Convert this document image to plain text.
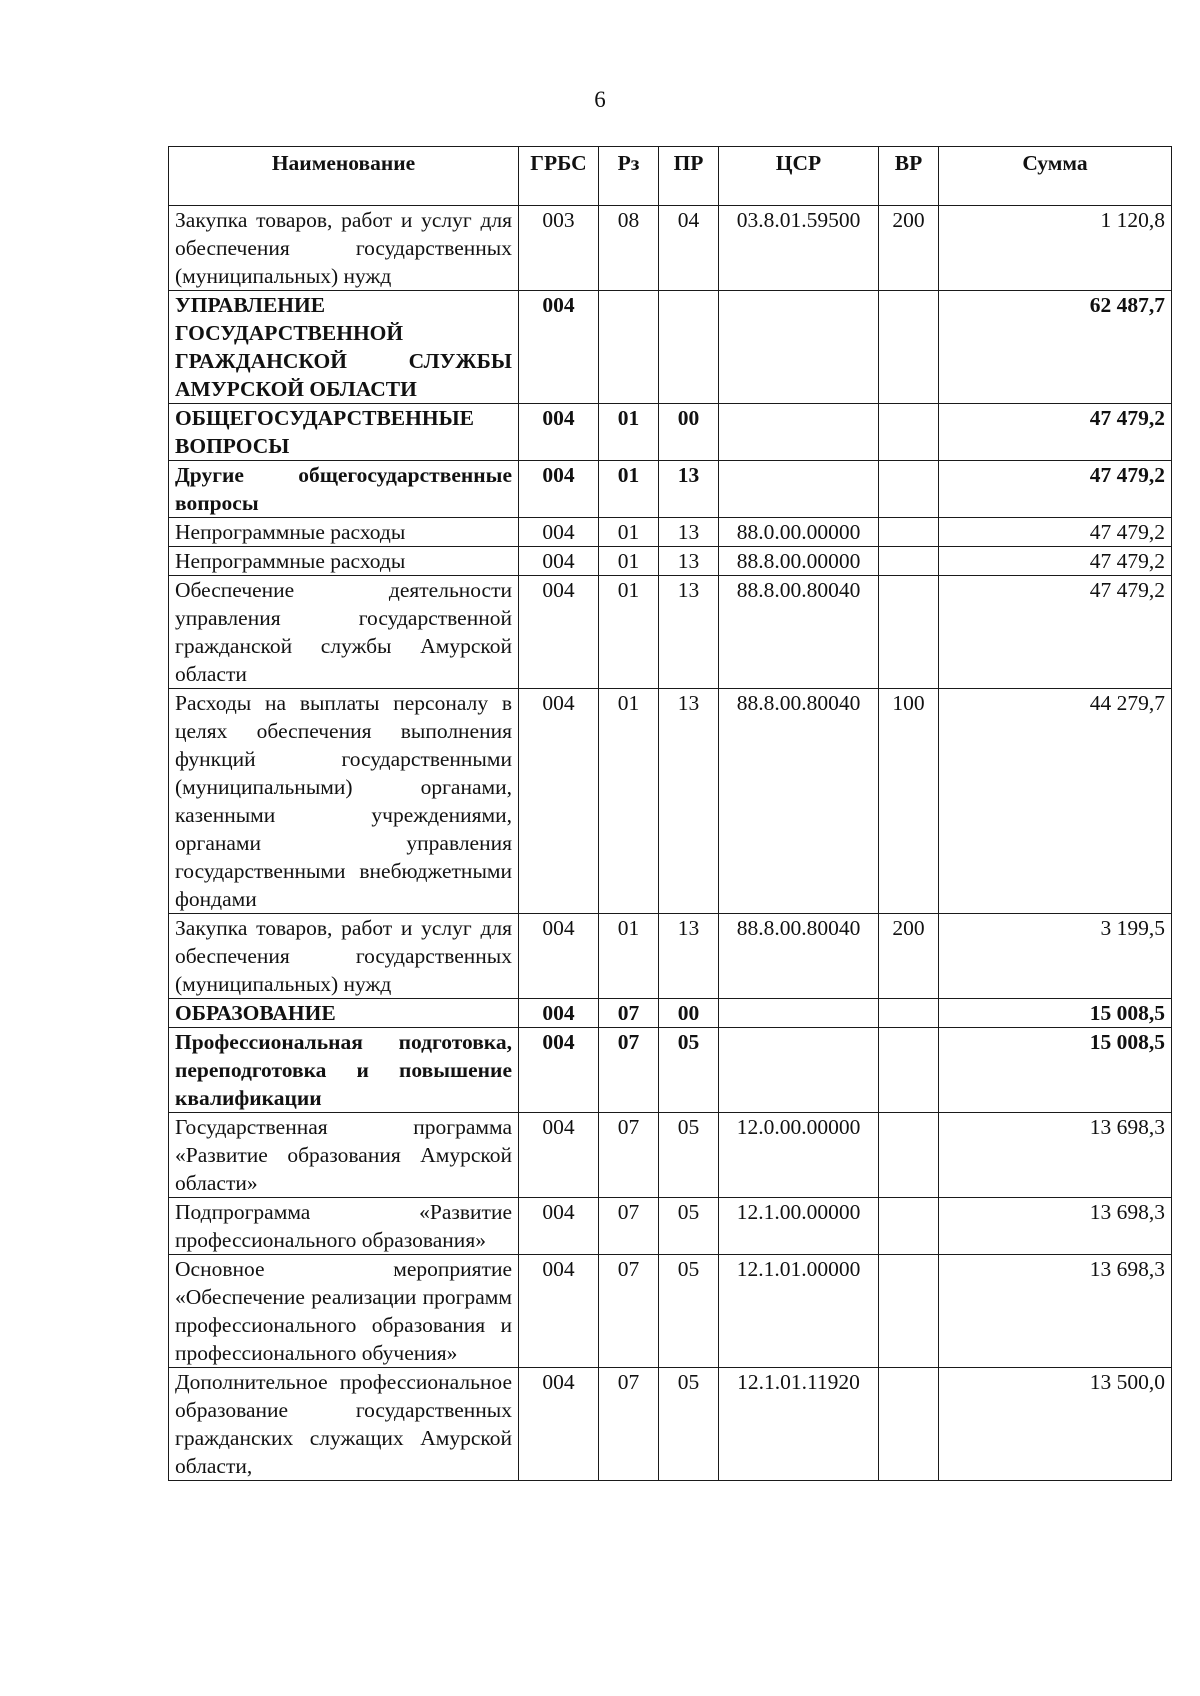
6
Наименование	ГРБС	Рз	ПР	ЦСР	ВР	Сумма
Закупка товаров, работ и услуг для обеспечения государственных (муниципальных) нужд	003	08	04	03.8.01.59500	200	1 120,8
УПРАВЛЕНИЕ ГОСУДАРСТВЕННОЙ ГРАЖДАНСКОЙ СЛУЖБЫ АМУРСКОЙ ОБЛАСТИ	004					62 487,7
ОБЩЕГОСУДАРСТВЕННЫЕ ВОПРОСЫ	004	01	00			47 479,2
Другие общегосударственные вопросы	004	01	13			47 479,2
Непрограммные расходы	004	01	13	88.0.00.00000		47 479,2
Непрограммные расходы	004	01	13	88.8.00.00000		47 479,2
Обеспечение деятельности управления государственной гражданской службы Амурской области	004	01	13	88.8.00.80040		47 479,2
Расходы на выплаты персоналу в целях обеспечения выполнения функций государственными (муниципальными) органами, казенными учреждениями, органами управления государственными внебюджетными фондами	004	01	13	88.8.00.80040	100	44 279,7
Закупка товаров, работ и услуг для обеспечения государственных (муниципальных) нужд	004	01	13	88.8.00.80040	200	3 199,5
ОБРАЗОВАНИЕ	004	07	00			15 008,5
Профессиональная подготовка, переподготовка и повышение квалификации	004	07	05			15 008,5
Государственная программа «Развитие образования Амурской области»	004	07	05	12.0.00.00000		13 698,3
Подпрограмма «Развитие профессионального образования»	004	07	05	12.1.00.00000		13 698,3
Основное мероприятие «Обеспечение реализации программ профессионального образования и профессионального обучения»	004	07	05	12.1.01.00000		13 698,3
Дополнительное профессиональное образование государственных гражданских служащих Амурской области,	004	07	05	12.1.01.11920		13 500,0
